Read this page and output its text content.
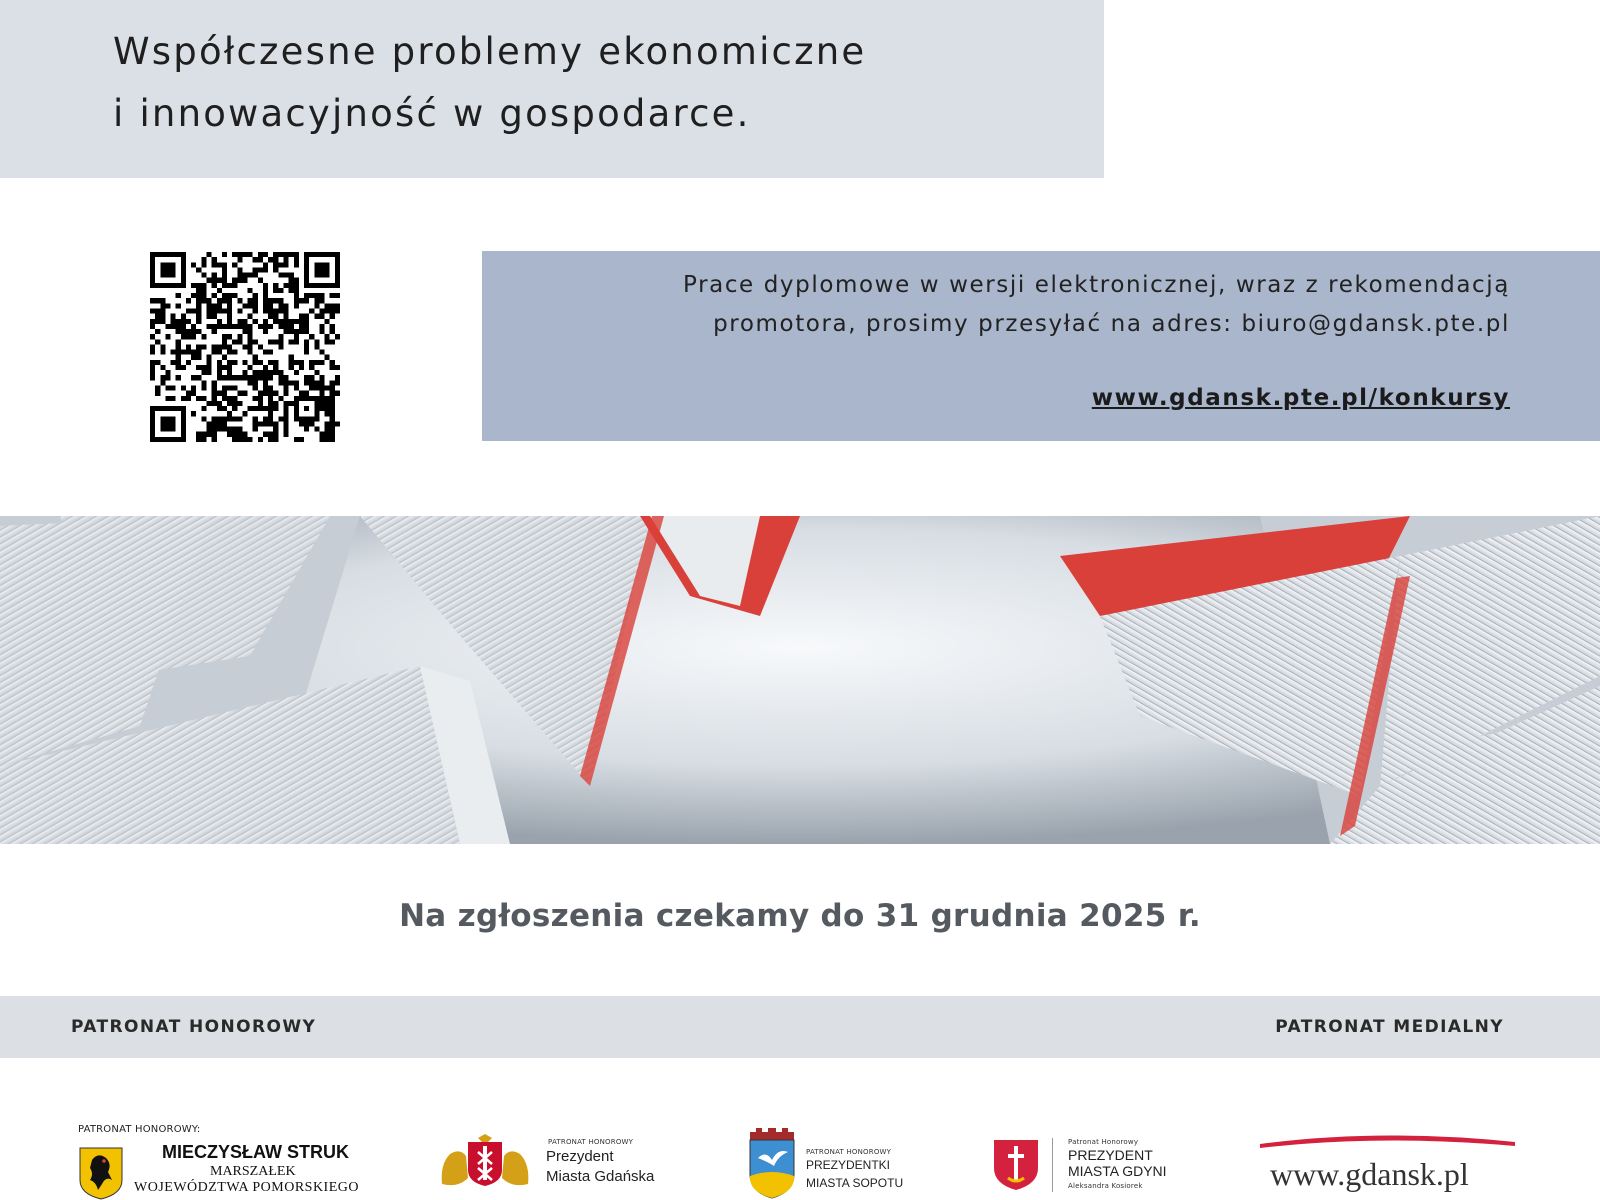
Współczesne problemy ekonomiczne
i innowacyjność w gospodarce.
Prace dyplomowe w wersji elektronicznej, wraz z rekomendacją
promotora, prosimy przesyłać na adres: biuro@gdansk.pte.pl
www.gdansk.pte.pl/konkursy
Na zgłoszenia czekamy do 31 grudnia 2025 r.
PATRONAT HONOROWY	PATRONAT MEDIALNY
PATRONAT HONOROWY:
MIECZYSŁAW STRUK
MARSZAŁEK
WOJEWÓDZTWA POMORSKIEGO
PATRONAT HONOROWY
Prezydent
Miasta Gdańska
PATRONAT HONOROWY
PREZYDENTKI
MIASTA SOPOTU
Patronat Honorowy
PREZYDENT
MIASTA GDYNI
Aleksandra Kosiorek	www.gdansk.pl
